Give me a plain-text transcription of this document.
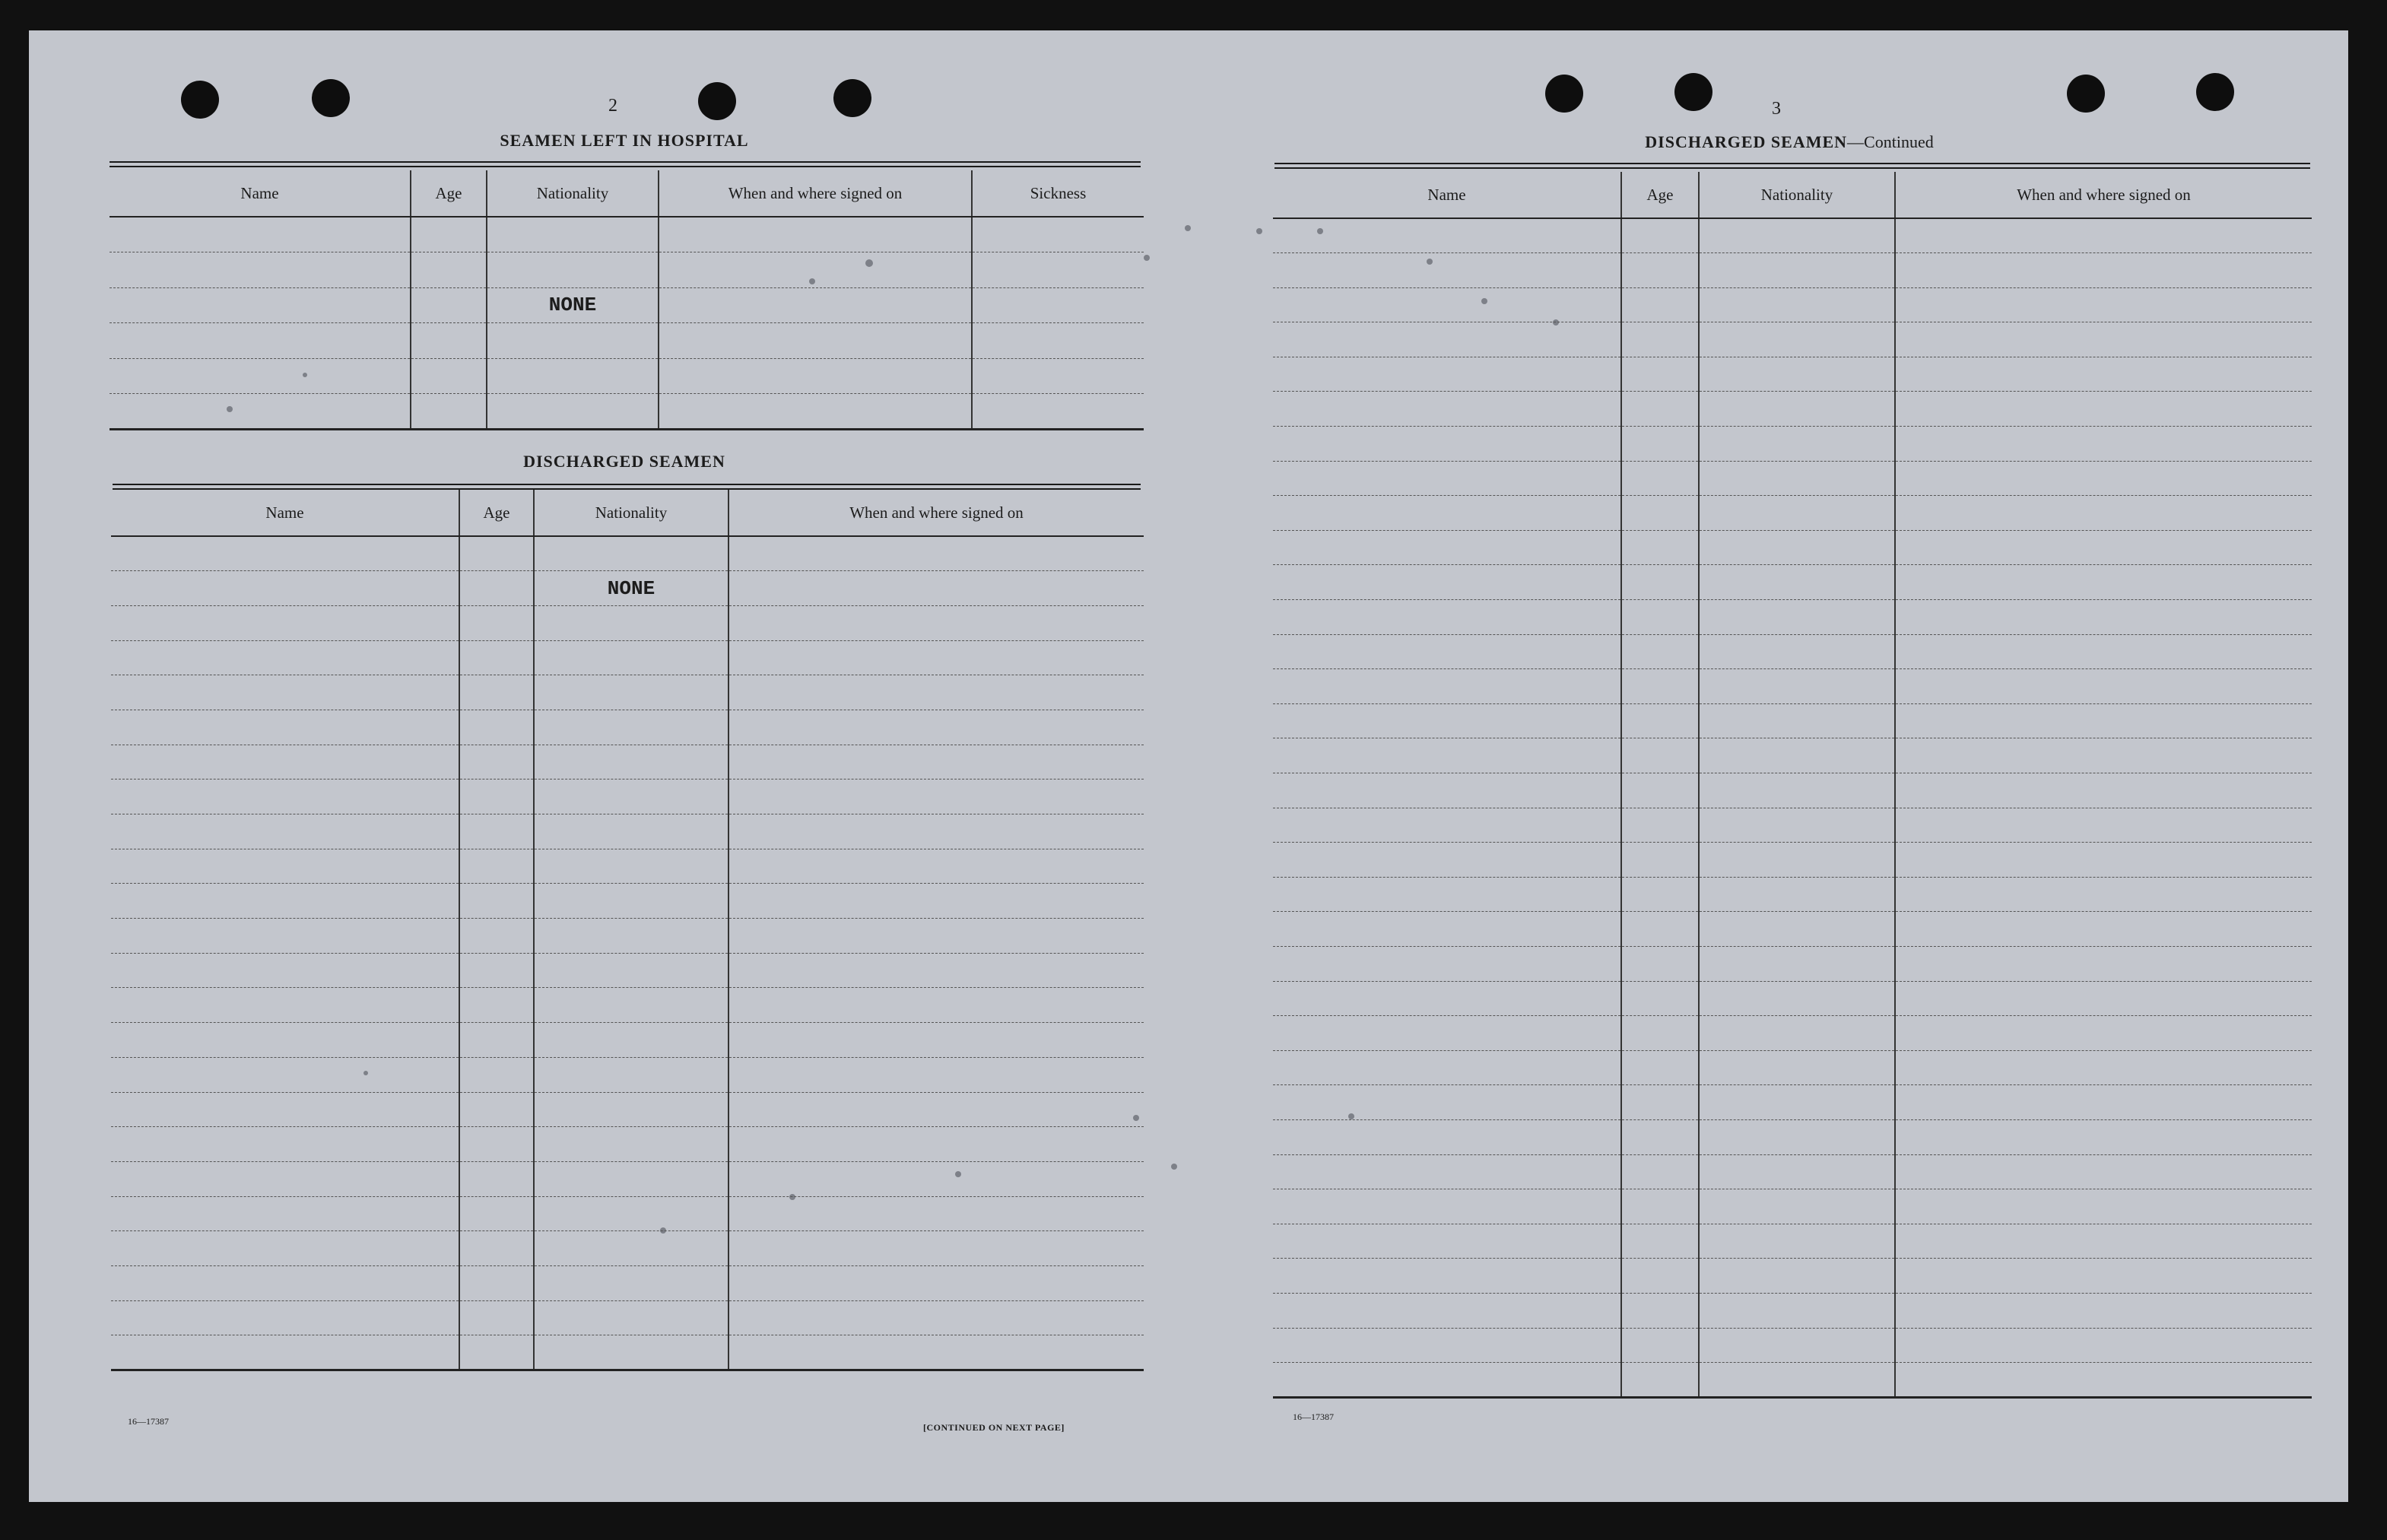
2
SEAMEN LEFT IN HOSPITAL
Name	Age	Nationality	When and where signed on	Sickness

		NONE		

DISCHARGED SEAMEN
Name	Age	Nationality	When and where signed on

		NONE	

16—17387
[CONTINUED ON NEXT PAGE]
3
DISCHARGED SEAMEN—Continued
Name	Age	Nationality	When and where signed on

16—17387
